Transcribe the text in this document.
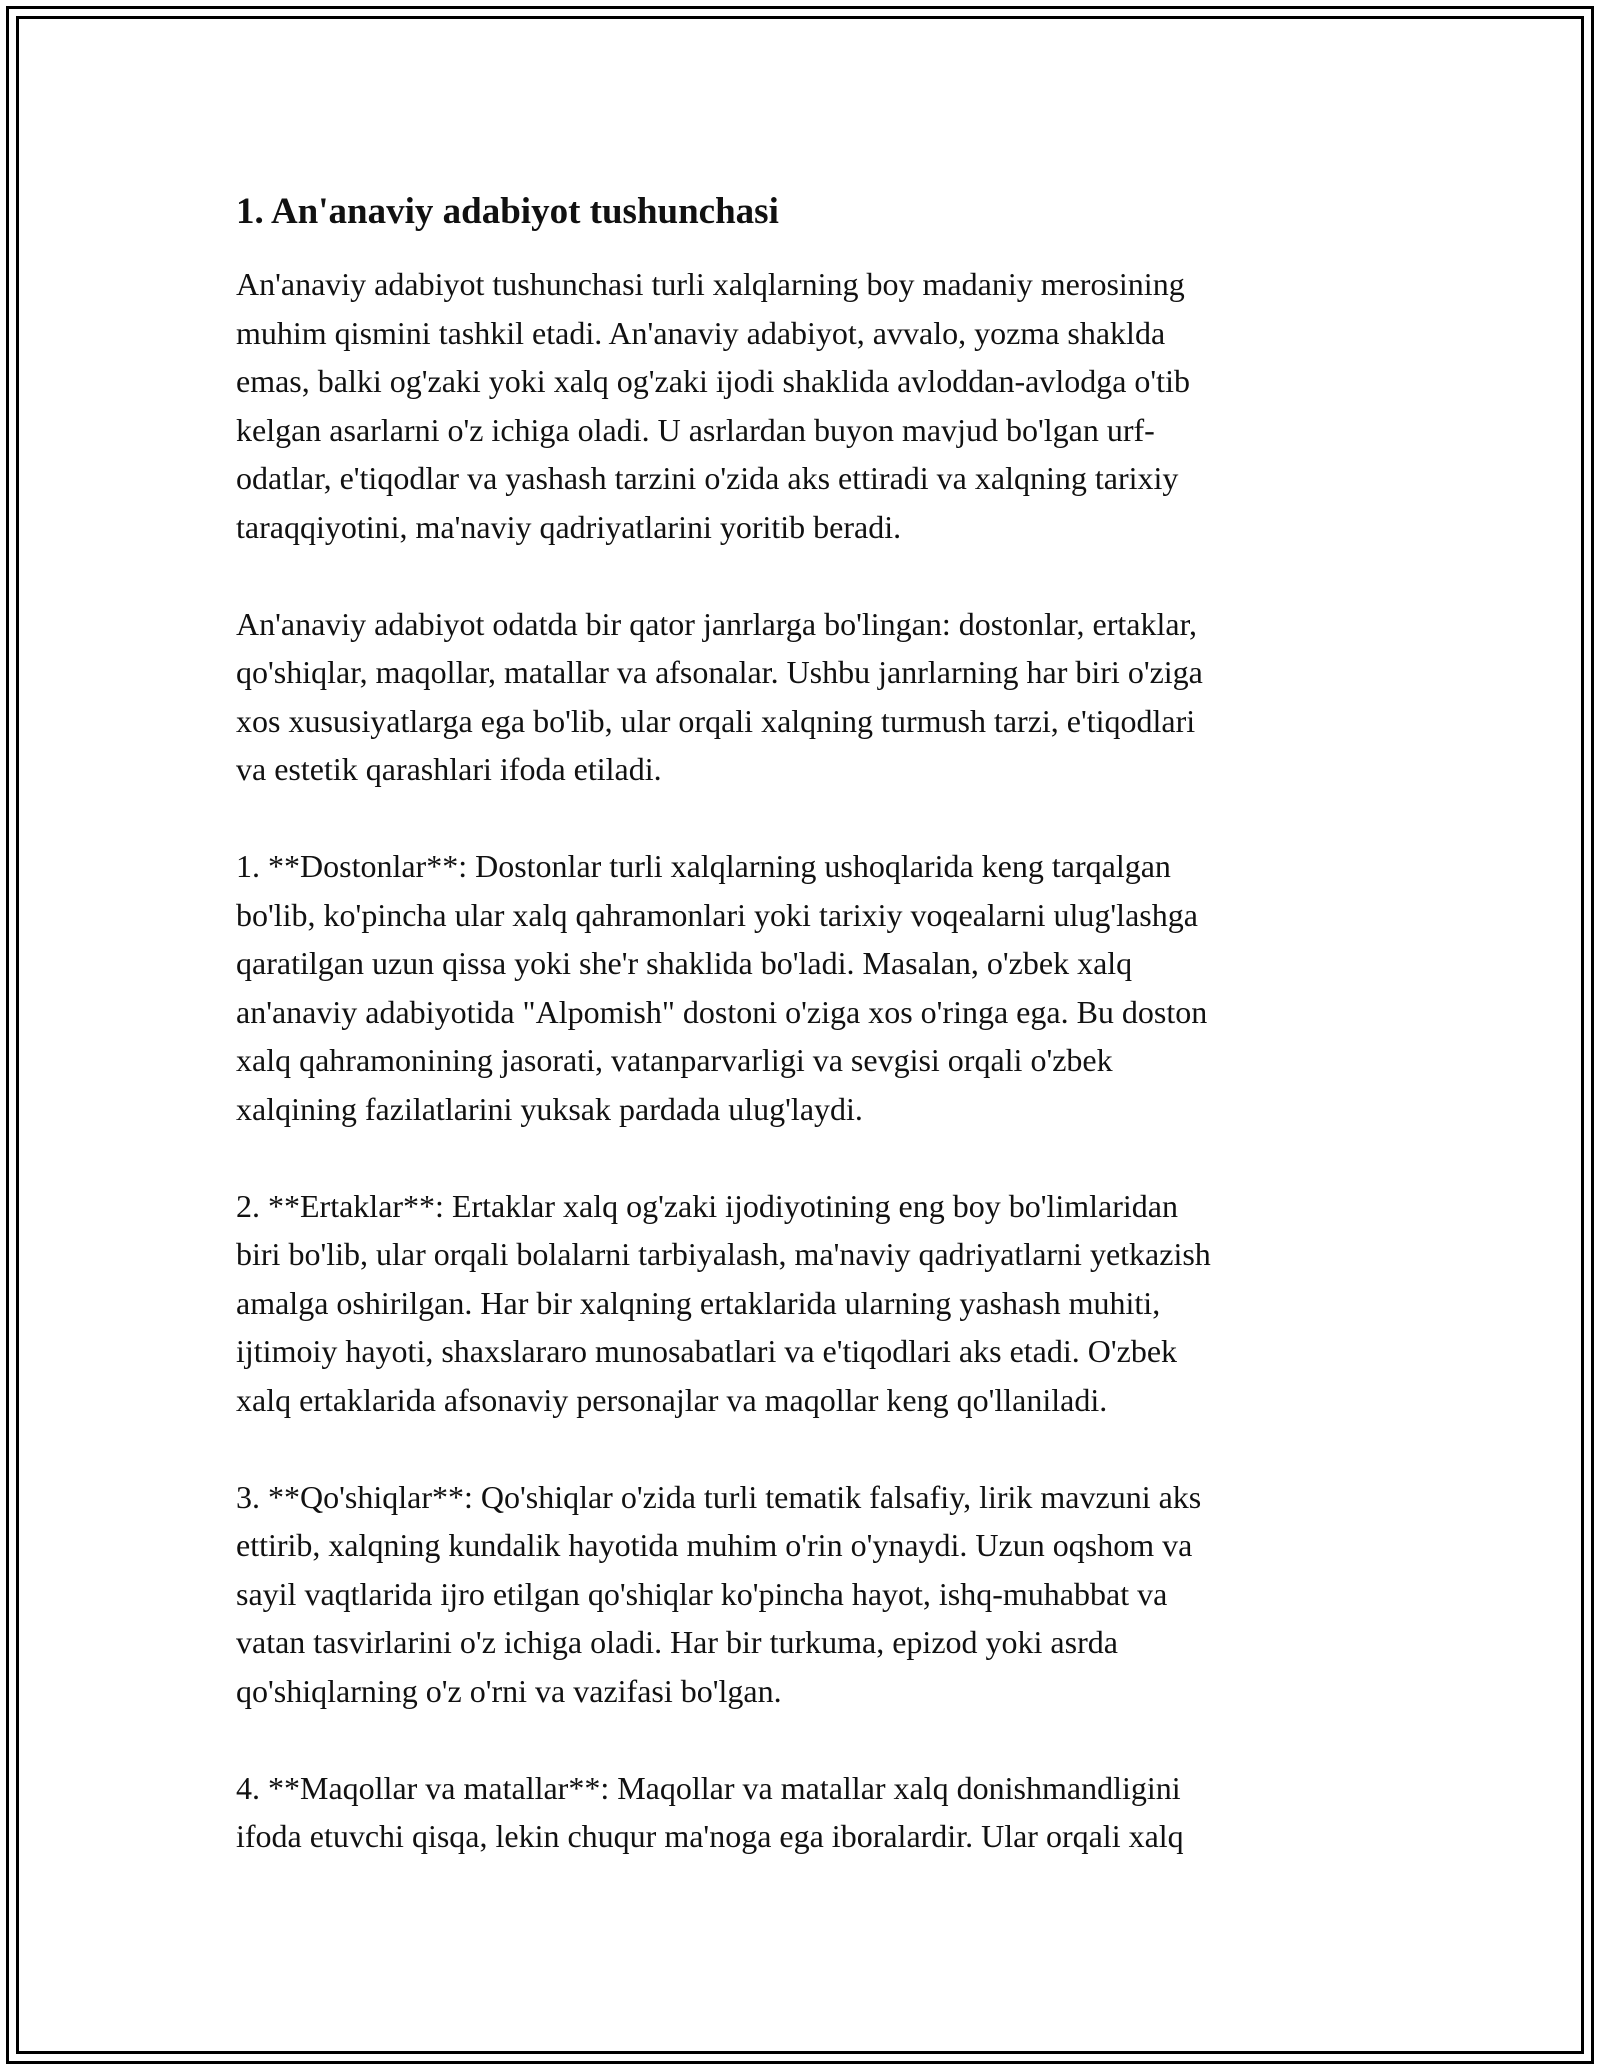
1. An'anaviy adabiyot tushunchasi
An'anaviy adabiyot tushunchasi turli xalqlarning boy madaniy merosining
muhim qismini tashkil etadi. An'anaviy adabiyot, avvalo, yozma shaklda
emas, balki og'zaki yoki xalq og'zaki ijodi shaklida avloddan-avlodga o'tib
kelgan asarlarni o'z ichiga oladi. U asrlardan buyon mavjud bo'lgan urf-
odatlar, e'tiqodlar va yashash tarzini o'zida aks ettiradi va xalqning tarixiy
taraqqiyotini, ma'naviy qadriyatlarini yoritib beradi.
An'anaviy adabiyot odatda bir qator janrlarga bo'lingan: dostonlar, ertaklar,
qo'shiqlar, maqollar, matallar va afsonalar. Ushbu janrlarning har biri o'ziga
xos xususiyatlarga ega bo'lib, ular orqali xalqning turmush tarzi, e'tiqodlari
va estetik qarashlari ifoda etiladi.
1. **Dostonlar**: Dostonlar turli xalqlarning ushoqlarida keng tarqalgan
bo'lib, ko'pincha ular xalq qahramonlari yoki tarixiy voqealarni ulug'lashga
qaratilgan uzun qissa yoki she'r shaklida bo'ladi. Masalan, o'zbek xalq
an'anaviy adabiyotida "Alpomish" dostoni o'ziga xos o'ringa ega. Bu doston
xalq qahramonining jasorati, vatanparvarligi va sevgisi orqali o'zbek
xalqining fazilatlarini yuksak pardada ulug'laydi.
2. **Ertaklar**: Ertaklar xalq og'zaki ijodiyotining eng boy bo'limlaridan
biri bo'lib, ular orqali bolalarni tarbiyalash, ma'naviy qadriyatlarni yetkazish
amalga oshirilgan. Har bir xalqning ertaklarida ularning yashash muhiti,
ijtimoiy hayoti, shaxslararo munosabatlari va e'tiqodlari aks etadi. O'zbek
xalq ertaklarida afsonaviy personajlar va maqollar keng qo'llaniladi.
3. **Qo'shiqlar**: Qo'shiqlar o'zida turli tematik falsafiy, lirik mavzuni aks
ettirib, xalqning kundalik hayotida muhim o'rin o'ynaydi. Uzun oqshom va
sayil vaqtlarida ijro etilgan qo'shiqlar ko'pincha hayot, ishq-muhabbat va
vatan tasvirlarini o'z ichiga oladi. Har bir turkuma, epizod yoki asrda
qo'shiqlarning o'z o'rni va vazifasi bo'lgan.
4. **Maqollar va matallar**: Maqollar va matallar xalq donishmandligini
ifoda etuvchi qisqa, lekin chuqur ma'noga ega iboralardir. Ular orqali xalq
